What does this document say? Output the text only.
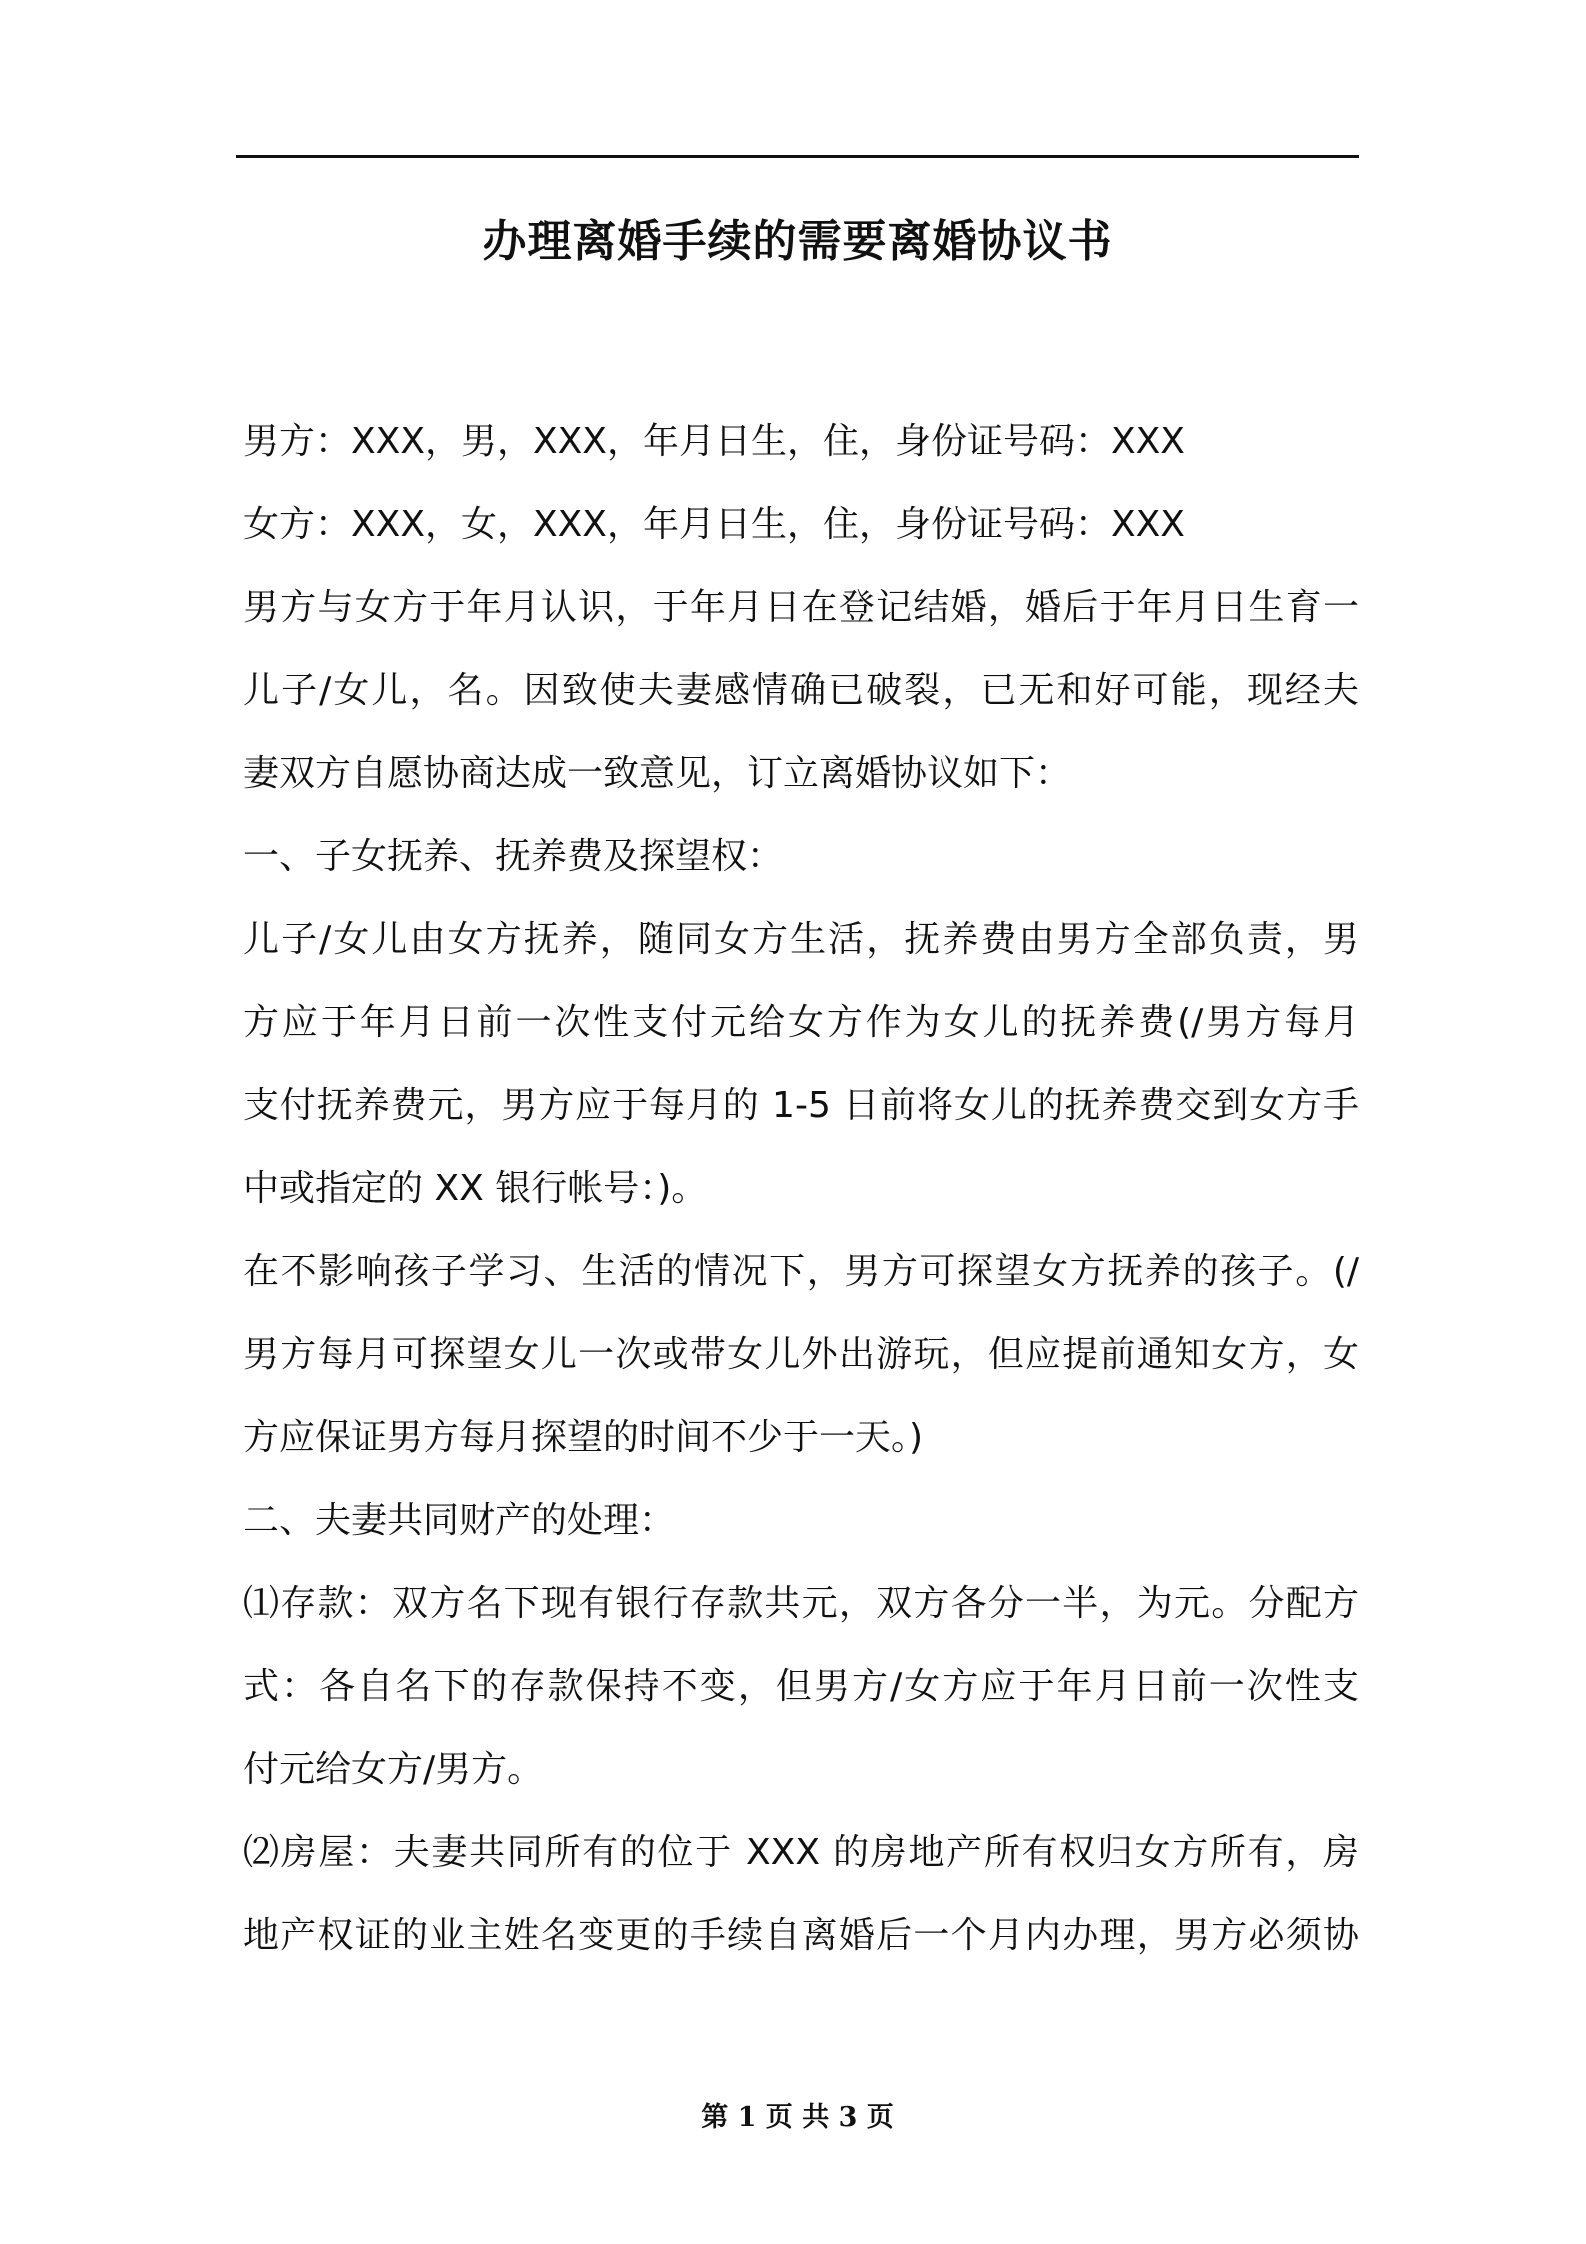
办理离婚手续的需要离婚协议书
男方：XXX，男，XXX，年月日生，住，身份证号码：XXX
女方：XXX，女，XXX，年月日生，住，身份证号码：XXX
男方与女方于年月认识，于年月日在登记结婚，婚后于年月日生育一
儿子/女儿，名。因致使夫妻感情确已破裂，已无和好可能，现经夫
妻双方自愿协商达成一致意见，订立离婚协议如下：
一、子女抚养、抚养费及探望权：
儿子/女儿由女方抚养，随同女方生活，抚养费由男方全部负责，男
方应于年月日前一次性支付元给女方作为女儿的抚养费(/男方每月
支付抚养费元，男方应于每月的 1-5 日前将女儿的抚养费交到女方手
中或指定的 XX 银行帐号：)。
在不影响孩子学习、生活的情况下，男方可探望女方抚养的孩子。(/
男方每月可探望女儿一次或带女儿外出游玩，但应提前通知女方，女
方应保证男方每月探望的时间不少于一天。)
二、夫妻共同财产的处理：
⑴存款：双方名下现有银行存款共元，双方各分一半，为元。分配方
式：各自名下的存款保持不变，但男方/女方应于年月日前一次性支
付元给女方/男方。
⑵房屋：夫妻共同所有的位于 XXX 的房地产所有权归女方所有，房
地产权证的业主姓名变更的手续自离婚后一个月内办理，男方必须协
第 1 页 共 3 页
